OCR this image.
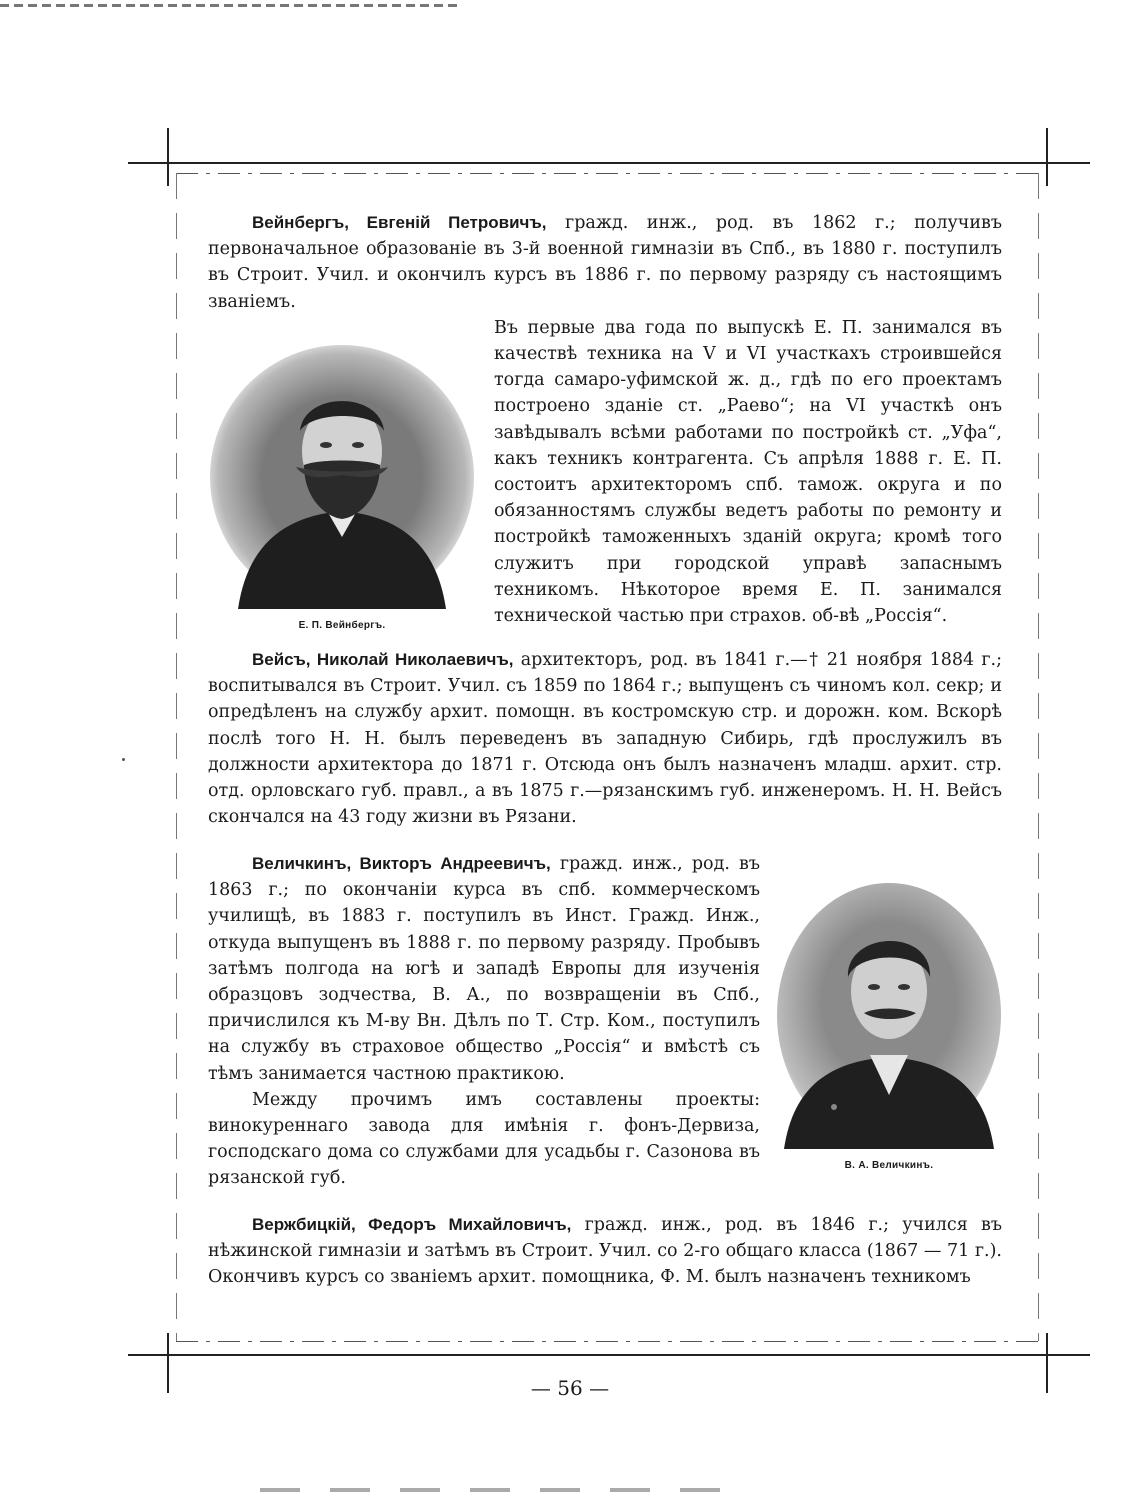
Вейнбергъ, Евгеній Петровичъ, гражд. инж., род. въ 1862 г.; получивъ первоначальное образованіе въ 3-й военной гимназіи въ Спб., въ 1880 г. поступилъ въ Строит. Учил. и окончилъ курсъ въ 1886 г. по первому разряду съ настоящимъ званіемъ.

Е. П. Вейнбергъ.

Въ первые два года по выпускѣ Е. П. занимался въ качествѣ техника на V и VI участкахъ строившейся тогда самаро-уфимской ж. д., гдѣ по его проектамъ построено зданіе ст. „Раево“; на VI участкѣ онъ завѣдывалъ всѣми работами по постройкѣ ст. „Уфа“, какъ техникъ контрагента. Съ апрѣля 1888 г. Е. П. состоитъ архитекторомъ спб. тамож. округа и по обязанностямъ службы ведетъ работы по ремонту и постройкѣ таможенныхъ зданій округа; кромѣ того служитъ при городской управѣ запаснымъ техникомъ. Нѣкоторое время Е. П. занимался технической частью при страхов. об-вѣ „Россія“.

Вейсъ, Николай Николаевичъ, архитекторъ, род. въ 1841 г.—† 21 ноября 1884 г.; воспитывался въ Строит. Учил. съ 1859 по 1864 г.; выпущенъ съ чиномъ кол. секр; и опредѣленъ на службу архит. помощн. въ костромскую стр. и дорожн. ком. Вскорѣ послѣ того Н. Н. былъ переведенъ въ западную Сибирь, гдѣ прослужилъ въ должности архитектора до 1871 г. Отсюда онъ былъ назначенъ младш. архит. стр. отд. орловскаго губ. правл., а въ 1875 г.—рязанскимъ губ. инженеромъ. Н. Н. Вейсъ скончался на 43 году жизни въ Рязани.

В. А. Величкинъ.

Величкинъ, Викторъ Андреевичъ, гражд. инж., род. въ 1863 г.; по окончаніи курса въ спб. коммерческомъ училищѣ, въ 1883 г. поступилъ въ Инст. Гражд. Инж., откуда выпущенъ въ 1888 г. по первому разряду. Пробывъ затѣмъ полгода на югѣ и западѣ Европы для изученія образцовъ зодчества, В. А., по возвращеніи въ Спб., причислился къ М-ву Вн. Дѣлъ по Т. Стр. Ком., поступилъ на службу въ страховое общество „Россія“ и вмѣстѣ съ тѣмъ занимается частною практикою.

Между прочимъ имъ составлены проекты: винокуреннаго завода для имѣнія г. фонъ-Дервиза, господскаго дома со службами для усадьбы г. Сазонова въ рязанской губ.

Вержбицкій, Федоръ Михайловичъ, гражд. инж., род. въ 1846 г.; учился въ нѣжинской гимназіи и затѣмъ въ Строит. Учил. со 2-го общаго класса (1867 — 71 г.). Окончивъ курсъ со званіемъ архит. помощника, Ф. М. былъ назначенъ техникомъ

— 56 —
